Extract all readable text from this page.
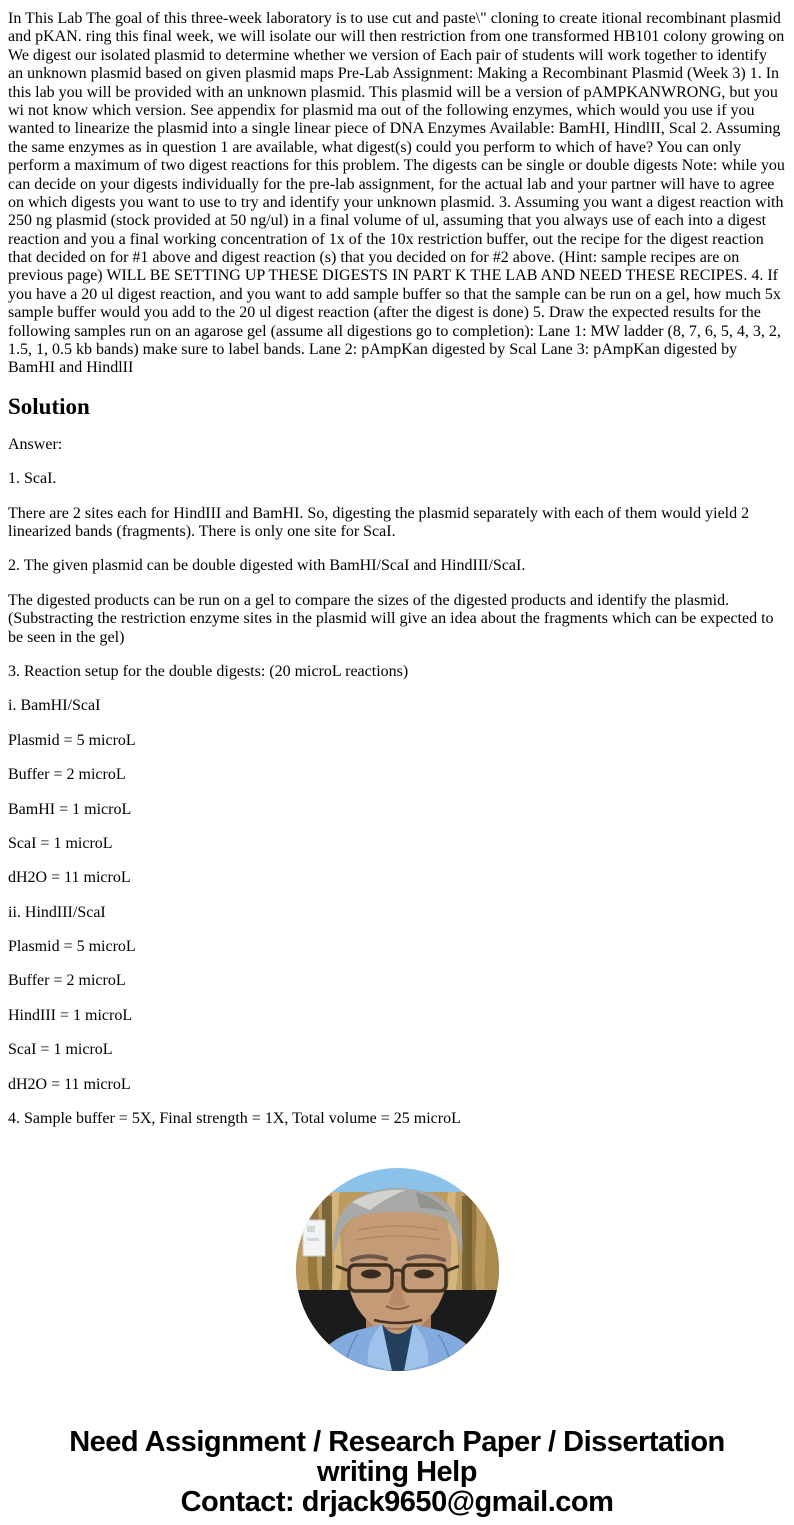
In This Lab The goal of this three-week laboratory is to use cut and paste\" cloning to create itional recombinant plasmid and pKAN. ring this final week, we will isolate our will then restriction from one transformed HB101 colony growing on We digest our isolated plasmid to determine whether we version of Each pair of students will work together to identify an unknown plasmid based on given plasmid maps Pre-Lab Assignment: Making a Recombinant Plasmid (Week 3) 1. In this lab you will be provided with an unknown plasmid. This plasmid will be a version of pAMPKANWRONG, but you wi not know which version. See appendix for plasmid ma out of the following enzymes, which would you use if you wanted to linearize the plasmid into a single linear piece of DNA Enzymes Available: BamHI, HindlII, Scal 2. Assuming the same enzymes as in question 1 are available, what digest(s) could you perform to which of have? You can only perform a maximum of two digest reactions for this problem. The digests can be single or double digests Note: while you can decide on your digests individually for the pre-lab assignment, for the actual lab and your partner will have to agree on which digests you want to use to try and identify your unknown plasmid. 3. Assuming you want a digest reaction with 250 ng plasmid (stock provided at 50 ng/ul) in a final volume of ul, assuming that you always use of each into a digest reaction and you a final working concentration of 1x of the 10x restriction buffer, out the recipe for the digest reaction that decided on for #1 above and digest reaction (s) that you decided on for #2 above. (Hint: sample recipes are on previous page) WILL BE SETTING UP THESE DIGESTS IN PART K THE LAB AND NEED THESE RECIPES. 4. If you have a 20 ul digest reaction, and you want to add sample buffer so that the sample can be run on a gel, how much 5x sample buffer would you add to the 20 ul digest reaction (after the digest is done) 5. Draw the expected results for the following samples run on an agarose gel (assume all digestions go to completion): Lane 1: MW ladder (8, 7, 6, 5, 4, 3, 2, 1.5, 1, 0.5 kb bands) make sure to label bands. Lane 2: pAmpKan digested by Scal Lane 3: pAmpKan digested by BamHI and HindlII

Solution

Answer:

1. ScaI.

There are 2 sites each for HindIII and BamHI. So, digesting the plasmid separately with each of them would yield 2 linearized bands (fragments). There is only one site for ScaI.

2. The given plasmid can be double digested with BamHI/ScaI and HindIII/ScaI.

The digested products can be run on a gel to compare the sizes of the digested products and identify the plasmid. (Substracting the restriction enzyme sites in the plasmid will give an idea about the fragments which can be expected to be seen in the gel)

3. Reaction setup for the double digests: (20 microL reactions)

i. BamHI/ScaI

Plasmid = 5 microL

Buffer = 2 microL

BamHI = 1 microL

ScaI = 1 microL

dH2O = 11 microL

ii. HindIII/ScaI

Plasmid = 5 microL

Buffer = 2 microL

HindIII = 1 microL

ScaI = 1 microL

dH2O = 11 microL

4. Sample buffer = 5X, Final strength = 1X, Total volume = 25 microL

Need Assignment / Research Paper / Dissertation
writing Help
Contact: drjack9650@gmail.com
